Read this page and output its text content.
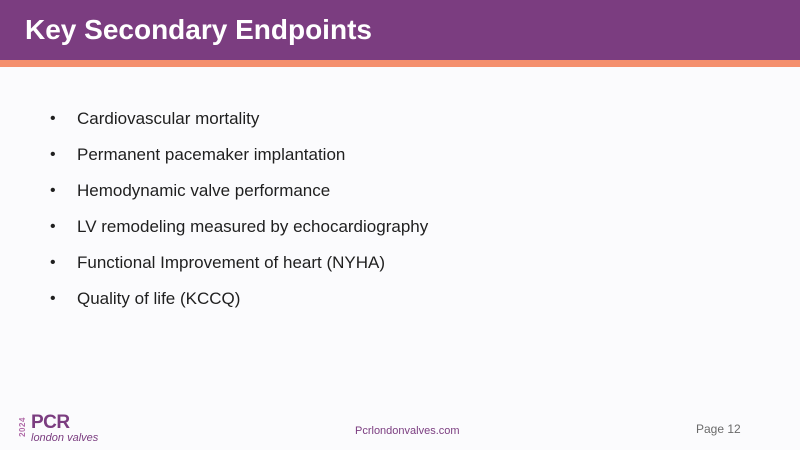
Key Secondary Endpoints
•	Cardiovascular mortality
•	Permanent pacemaker implantation
•	Hemodynamic valve performance
•	LV remodeling measured by echocardiography
•	Functional Improvement of heart (NYHA)
•	Quality of life (KCCQ)
2024 PCR
london valves
Pcrlondonvalves.com	Page 12
